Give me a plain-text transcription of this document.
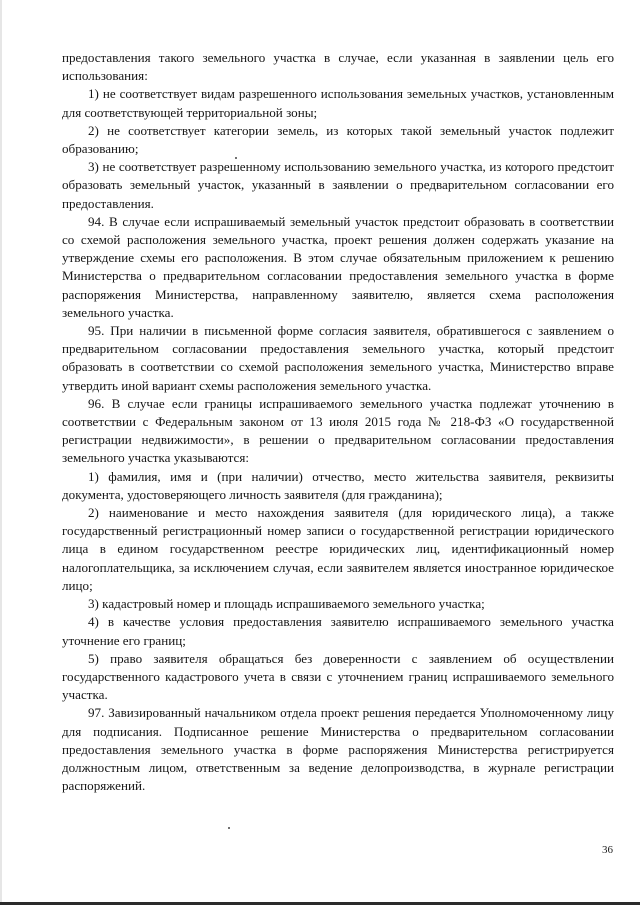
предоставления такого земельного участка в случае, если указанная в заявлении цель его использования:

1) не соответствует видам разрешенного использования земельных участков, установленным для соответствующей территориальной зоны;

2) не соответствует категории земель, из которых такой земельный участок подлежит образованию;

3) не соответствует разрешенному использованию земельного участка, из которого предстоит образовать земельный участок, указанный в заявлении о предварительном согласовании его предоставления.

94. В случае если испрашиваемый земельный участок предстоит образовать в соответствии со схемой расположения земельного участка, проект решения должен содержать указание на утверждение схемы его расположения. В этом случае обязательным приложением к решению Министерства о предварительном согласовании предоставления земельного участка в форме распоряжения Министерства, направленному заявителю, является схема расположения земельного участка.

95. При наличии в письменной форме согласия заявителя, обратившегося с заявлением о предварительном согласовании предоставления земельного участка, который предстоит образовать в соответствии со схемой расположения земельного участка, Министерство вправе утвердить иной вариант схемы расположения земельного участка.

96. В случае если границы испрашиваемого земельного участка подлежат уточнению в соответствии с Федеральным законом от 13 июля 2015 года № 218-ФЗ «О государственной регистрации недвижимости», в решении о предварительном согласовании предоставления земельного участка указываются:

1) фамилия, имя и (при наличии) отчество, место жительства заявителя, реквизиты документа, удостоверяющего личность заявителя (для гражданина);

2) наименование и место нахождения заявителя (для юридического лица), а также государственный регистрационный номер записи о государственной регистрации юридического лица в едином государственном реестре юридических лиц, идентификационный номер налогоплательщика, за исключением случая, если заявителем является иностранное юридическое лицо;

3) кадастровый номер и площадь испрашиваемого земельного участка;

4) в качестве условия предоставления заявителю испрашиваемого земельного участка уточнение его границ;

5) право заявителя обращаться без доверенности с заявлением об осуществлении государственного кадастрового учета в связи с уточнением границ испрашиваемого земельного участка.

97. Завизированный начальником отдела проект решения передается Уполномоченному лицу для подписания. Подписанное решение Министерства о предварительном согласовании предоставления земельного участка в форме распоряжения Министерства регистрируется должностным лицом, ответственным за ведение делопроизводства, в журнале регистрации распоряжений.

36
